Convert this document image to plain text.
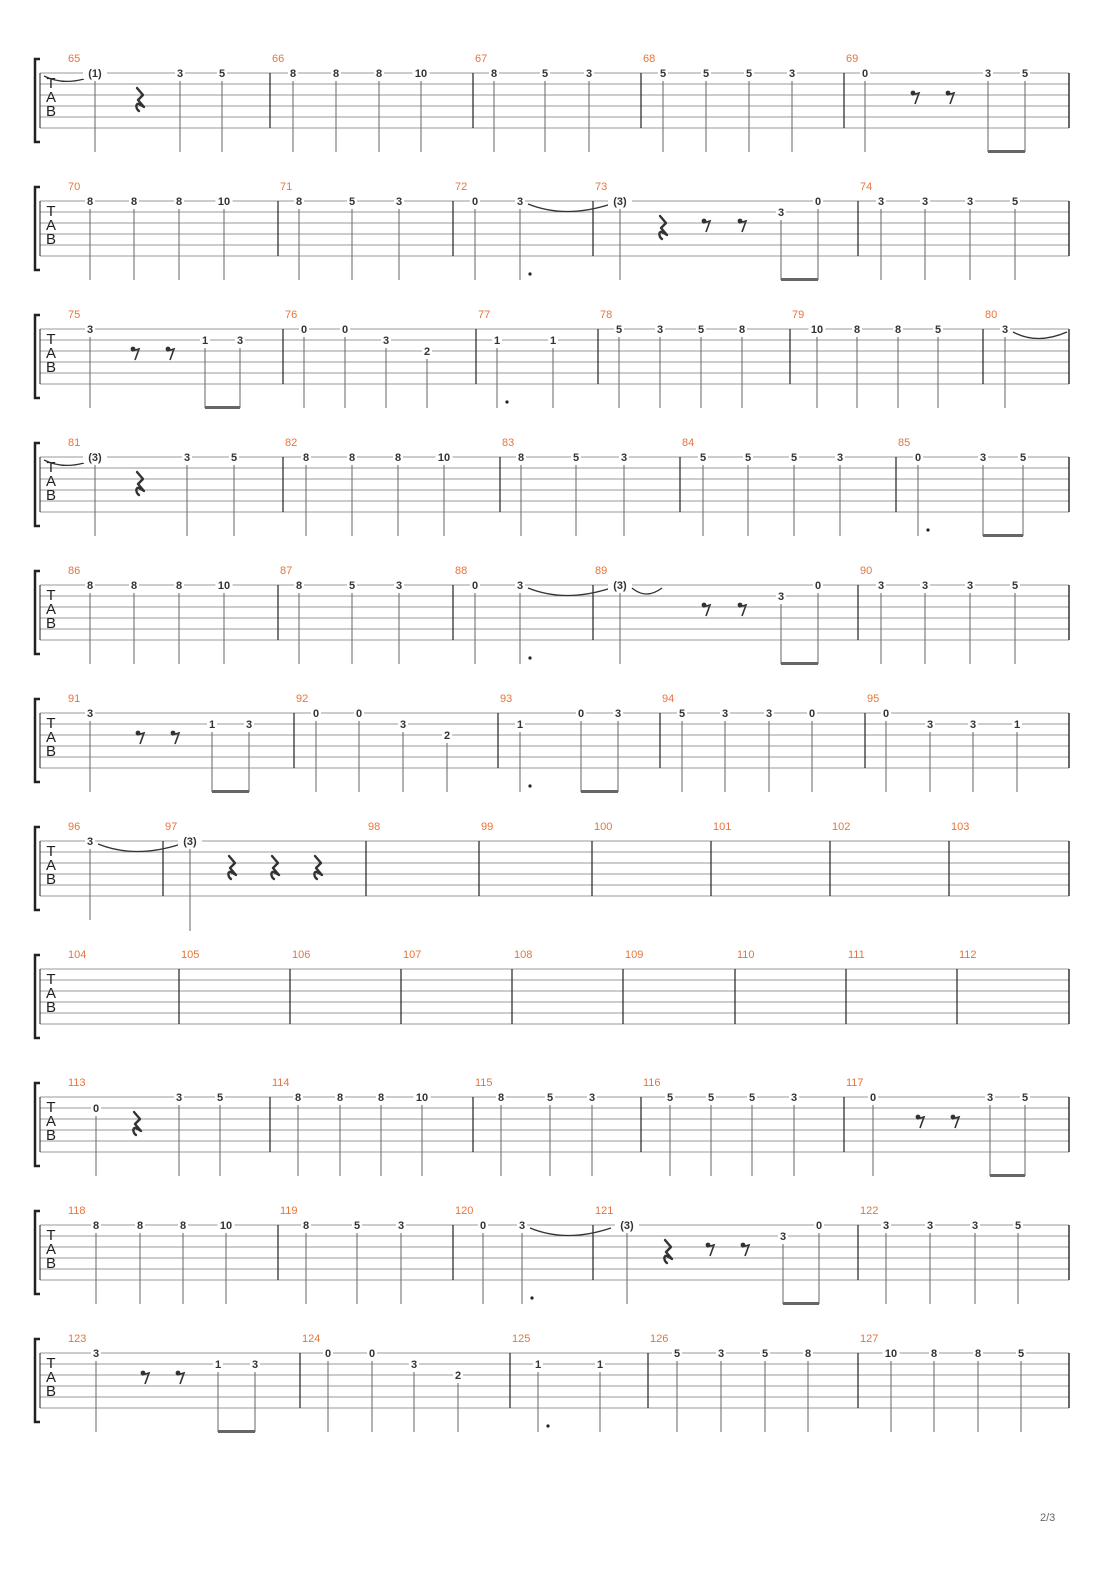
T
A
B
65
(1)	3	5
66
8	8	8	10
67
8	5	3
68
5	5	5	3
69
0	3	5
T
A
B
70
8	8	8	10
71
8	5	3
72
0	3
73
(3)
3
0
74
3	3	3	5
T
A
B
75
3
1	3
76
0	0
3
2
77
1	1
78
5	3	5	8
79
10	8	8	5
80
3
T
A
B
81
(3)	3	5
82
8	8	8	10
83
8	5	3
84
5	5	5	3
85
0	3	5
T
A
B
86
8	8	8	10
87
8	5	3
88
0	3
89
(3)
3
0
90
3	3	3	5
T
A
B
91
3
1	3
92
0	0
3
2
93
1
0	3
94
5	3	3	0
95
0
3	3	1
T
A
B
96
3
97
(3)
98	99	100	101	102	103
T
A
B
104	105	106	107	108	109	110	111	112
T
A
B
113
0
3	5
114
8	8	8	10
115
8	5	3
116
5	5	5	3
117
0	3	5
T
A
B
118
8	8	8	10
119
8	5	3
120
0	3
121
(3)
3
0
122
3	3	3	5
T
A
B
123
3
1	3
124
0	0
3
2
125
1	1
126
5	3	5	8
127
10	8	8	5
2/3
